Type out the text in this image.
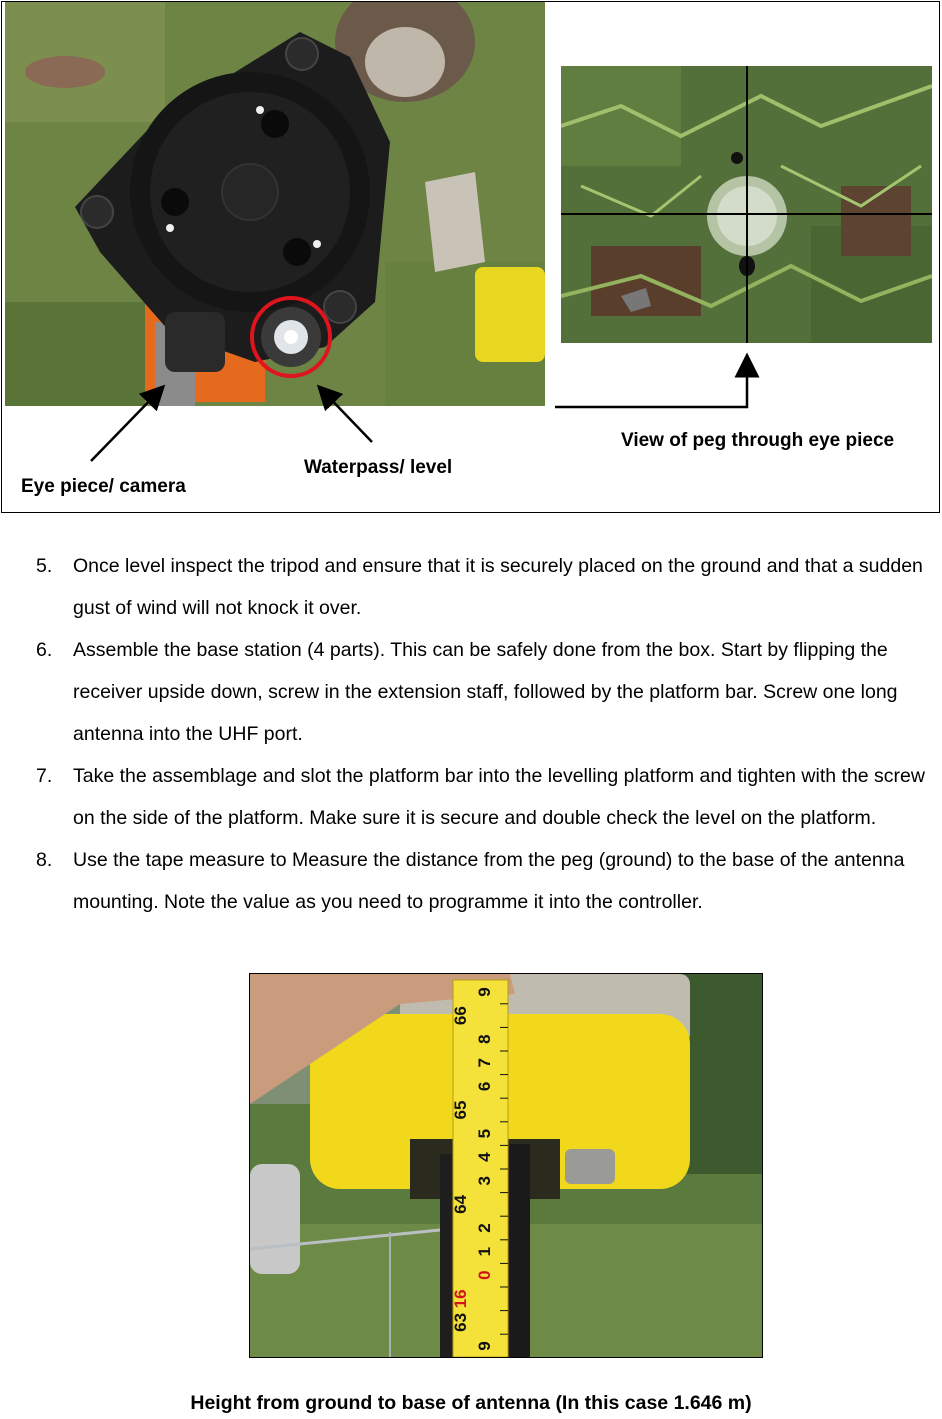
Eye piece/ camera
Waterpass/ level
View of peg through eye piece
5. Once level inspect the tripod and ensure that it is securely placed on the ground and that a sudden gust of wind will not knock it over.
6. Assemble the base station (4 parts). This can be safely done from the box. Start by flipping the receiver upside down, screw in the extension staff, followed by the platform bar. Screw one long antenna into the UHF port.
7. Take the assemblage and slot the platform bar into the levelling platform and tighten with the screw on the side of the platform. Make sure it is secure and double check the level on the platform.
8. Use the tape measure to Measure the distance from the peg (ground) to the base of the antenna mounting. Note the value as you need to programme it into the controller.
9
66
8
7
6
65
5
4
3
64
2
1
0
16
63
9
Height from ground to base of antenna (In this case 1.646 m)
